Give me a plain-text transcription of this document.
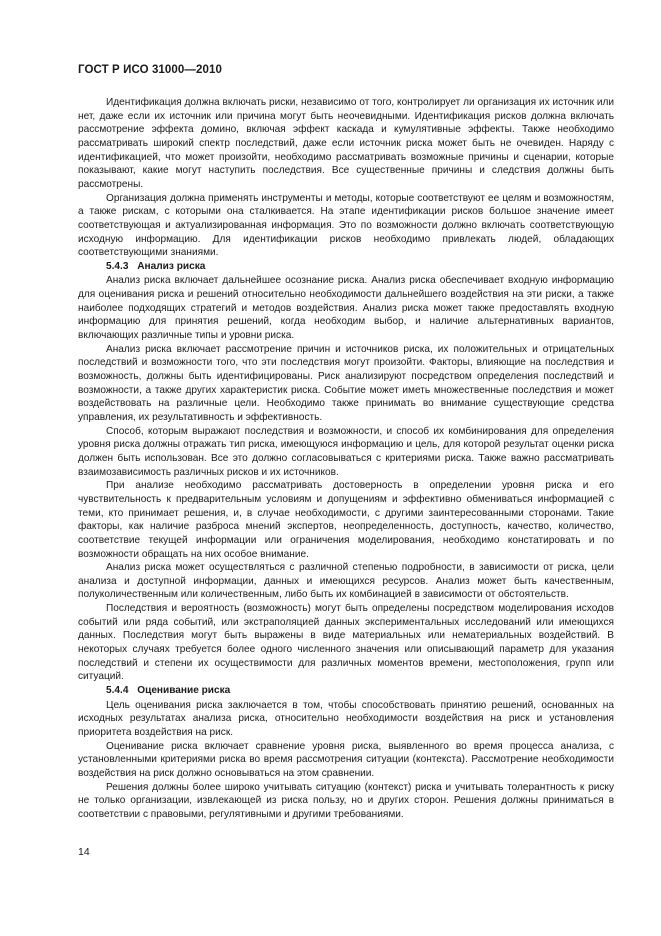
ГОСТ Р ИСО 31000—2010

Идентификация должна включать риски, независимо от того, контролирует ли организация их источник или нет, даже если их источник или причина могут быть неочевидными. Идентификация рисков должна включать рассмотрение эффекта домино, включая эффект каскада и кумулятивные эффекты. Также необходимо рассматривать широкий спектр последствий, даже если источник риска может быть не очевиден. Наряду с идентификацией, что может произойти, необходимо рассматривать возможные причины и сценарии, которые показывают, какие могут наступить последствия. Все существенные причины и следствия должны быть рассмотрены.

Организация должна применять инструменты и методы, которые соответствуют ее целям и возможностям, а также рискам, с которыми она сталкивается. На этапе идентификации рисков большое значение имеет соответствующая и актуализированная информация. Это по возможности должно включать соответствующую исходную информацию. Для идентификации рисков необходимо привлекать людей, обладающих соответствующими знаниями.

5.4.3 Анализ риска

Анализ риска включает дальнейшее осознание риска. Анализ риска обеспечивает входную информацию для оценивания риска и решений относительно необходимости дальнейшего воздействия на эти риски, а также наиболее подходящих стратегий и методов воздействия. Анализ риска может также предоставлять входную информацию для принятия решений, когда необходим выбор, и наличие альтернативных вариантов, включающих различные типы и уровни риска.

Анализ риска включает рассмотрение причин и источников риска, их положительных и отрицательных последствий и возможности того, что эти последствия могут произойти. Факторы, влияющие на последствия и возможность, должны быть идентифицированы. Риск анализируют посредством определения последствий и возможности, а также других характеристик риска. Событие может иметь множественные последствия и может воздействовать на различные цели. Необходимо также принимать во внимание существующие средства управления, их результативность и эффективность.

Способ, которым выражают последствия и возможности, и способ их комбинирования для определения уровня риска должны отражать тип риска, имеющуюся информацию и цель, для которой результат оценки риска должен быть использован. Все это должно согласовываться с критериями риска. Также важно рассматривать взаимозависимость различных рисков и их источников.

При анализе необходимо рассматривать достоверность в определении уровня риска и его чувствительность к предварительным условиям и допущениям и эффективно обмениваться информацией с теми, кто принимает решения, и, в случае необходимости, с другими заинтересованными сторонами. Такие факторы, как наличие разброса мнений экспертов, неопределенность, доступность, качество, количество, соответствие текущей информации или ограничения моделирования, необходимо констатировать и по возможности обращать на них особое внимание.

Анализ риска может осуществляться с различной степенью подробности, в зависимости от риска, цели анализа и доступной информации, данных и имеющихся ресурсов. Анализ может быть качественным, полуколичественным или количественным, либо быть их комбинацией в зависимости от обстоятельств.

Последствия и вероятность (возможность) могут быть определены посредством моделирования исходов событий или ряда событий, или экстраполяцией данных экспериментальных исследований или имеющихся данных. Последствия могут быть выражены в виде материальных или нематериальных воздействий. В некоторых случаях требуется более одного численного значения или описывающий параметр для указания последствий и степени их осуществимости для различных моментов времени, местоположения, групп или ситуаций.

5.4.4 Оценивание риска

Цель оценивания риска заключается в том, чтобы способствовать принятию решений, основанных на исходных результатах анализа риска, относительно необходимости воздействия на риск и установления приоритета воздействия на риск.

Оценивание риска включает сравнение уровня риска, выявленного во время процесса анализа, с установленными критериями риска во время рассмотрения ситуации (контекста). Рассмотрение необходимости воздействия на риск должно основываться на этом сравнении.

Решения должны более широко учитывать ситуацию (контекст) риска и учитывать толерантность к риску не только организации, извлекающей из риска пользу, но и других сторон. Решения должны приниматься в соответствии с правовыми, регулятивными и другими требованиями.

14
